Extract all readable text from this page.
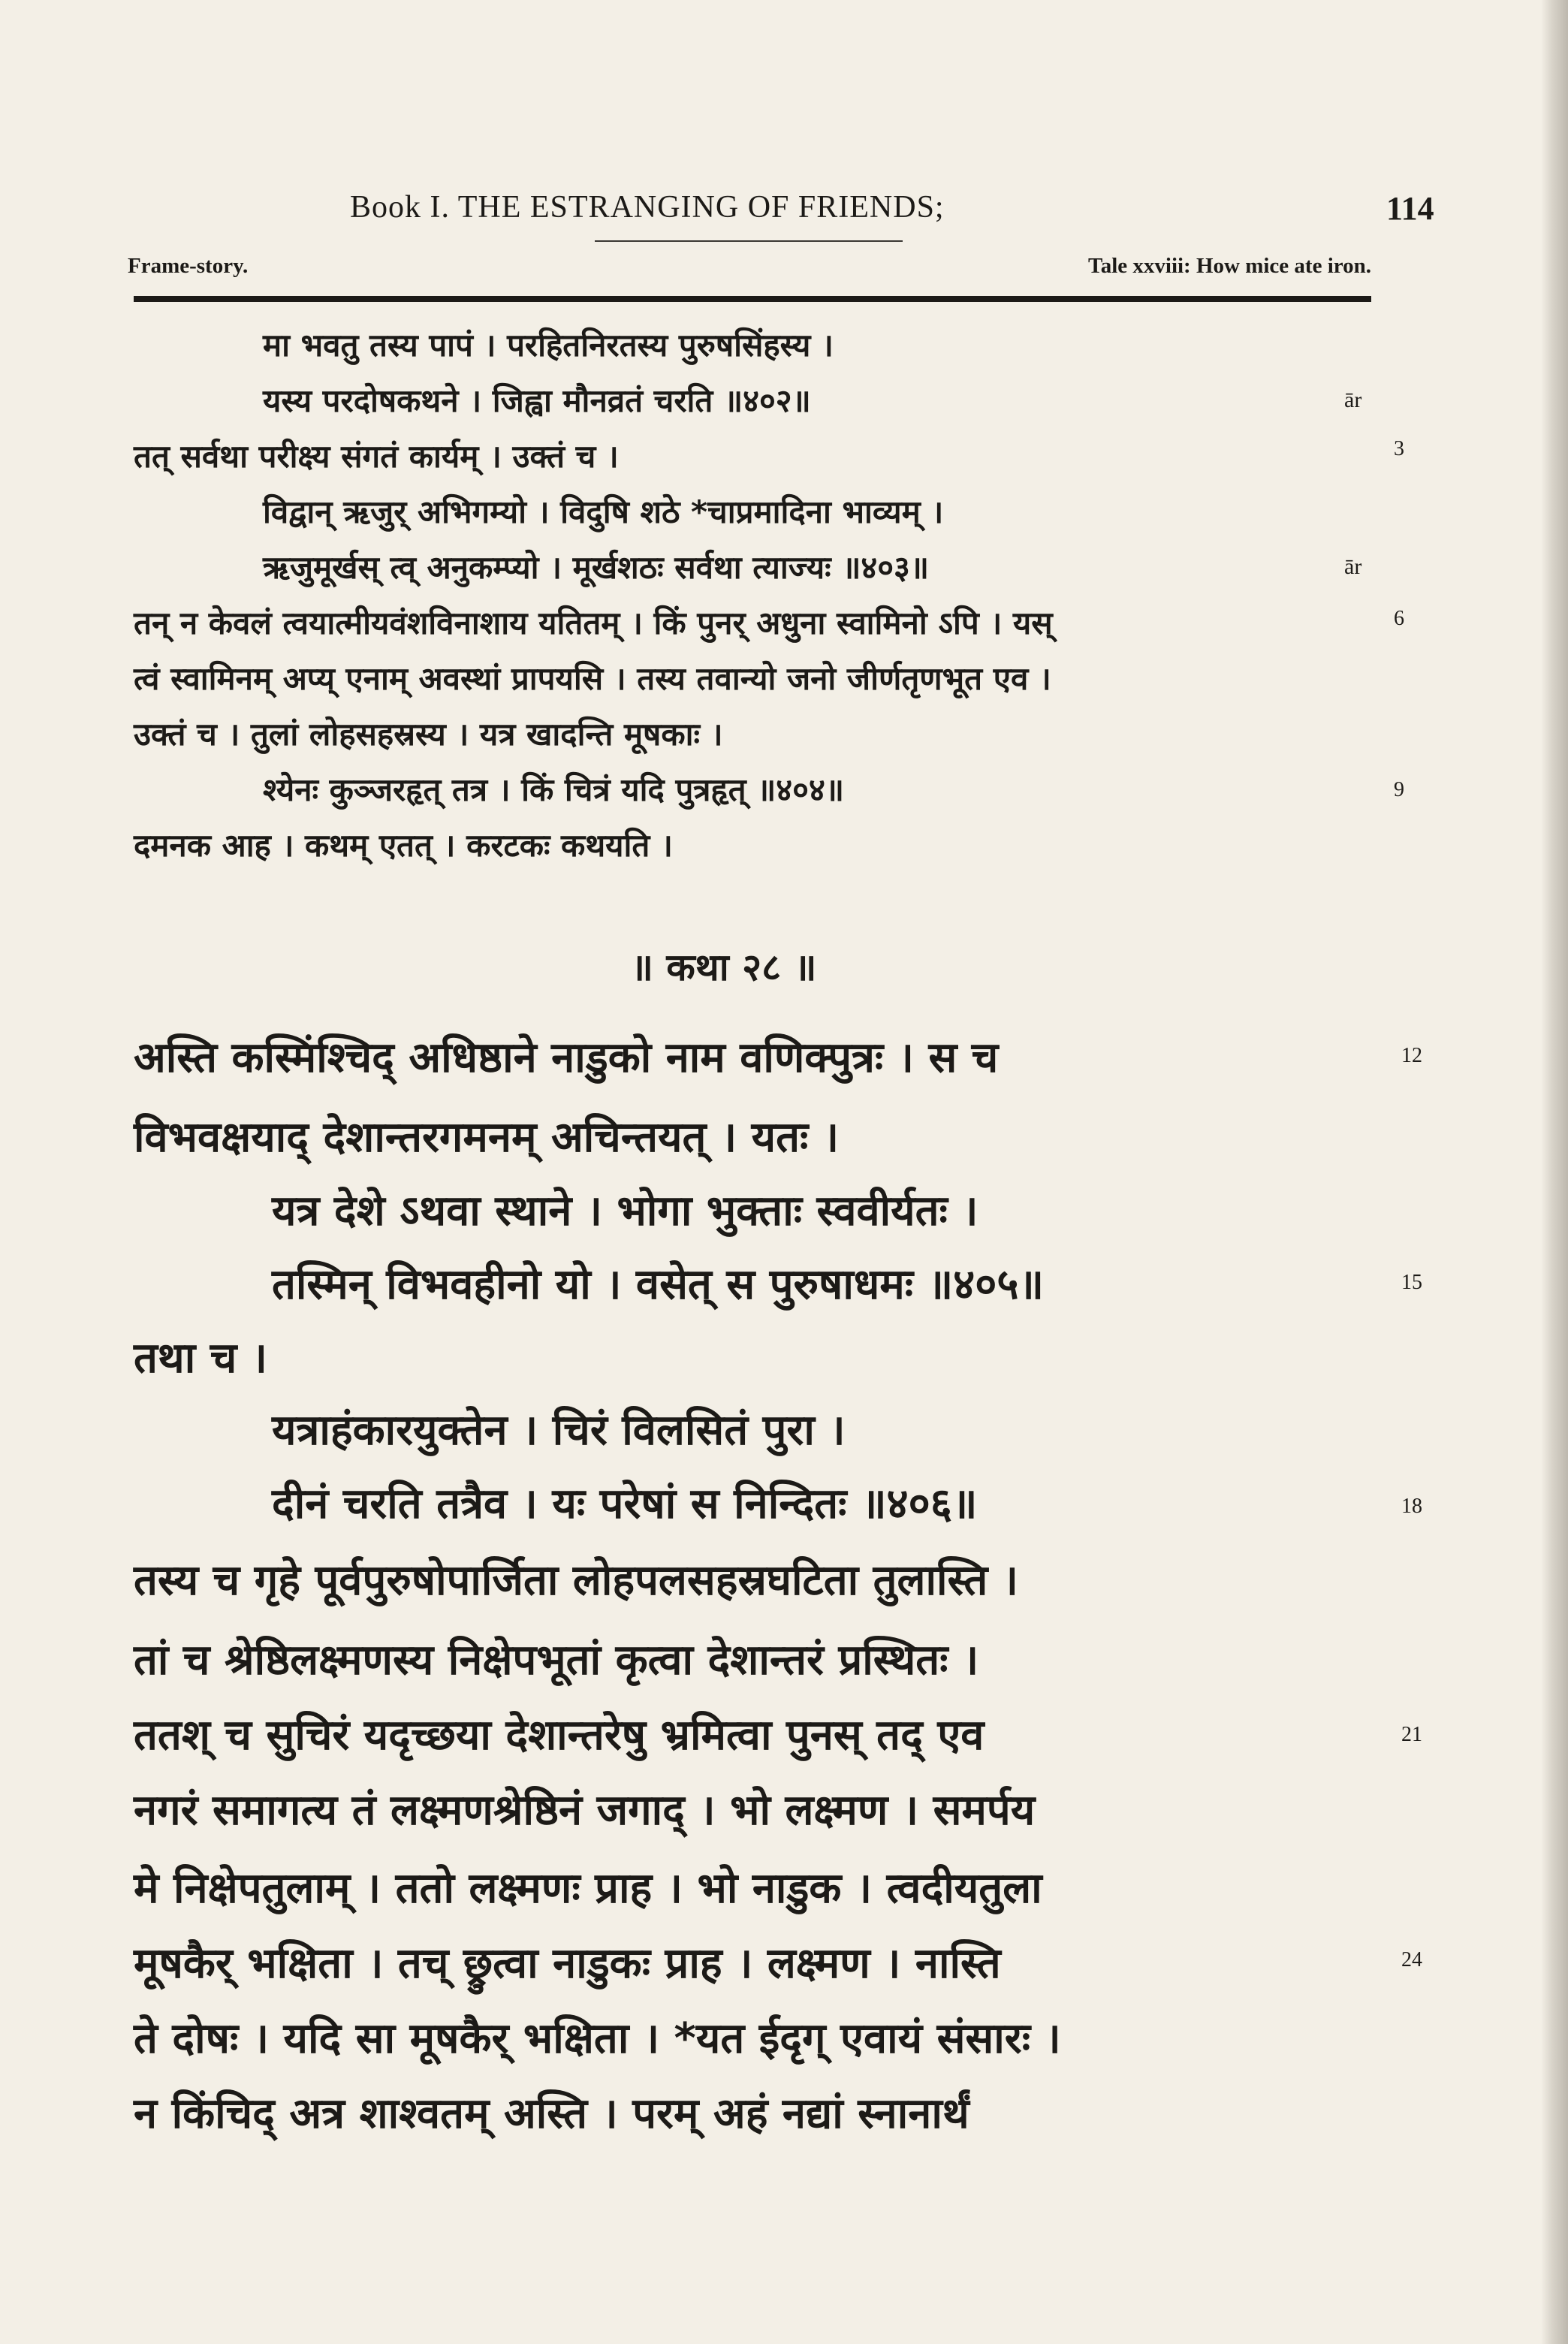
Book I. THE ESTRANGING OF FRIENDS;	114
Frame-story.	Tale xxviii: How mice ate iron.
मा भवतु तस्य पापं । परहितनिरतस्य पुरुषसिंहस्य ।
यस्य परदोषकथने । जिह्वा मौनव्रतं चरति ॥४०२॥
तत् सर्वथा परीक्ष्य संगतं कार्यम् । उक्तं च ।
विद्वान् ऋजुर् अभिगम्यो । विदुषि शठे *चाप्रमादिना भाव्यम् ।
ऋजुमूर्खस् त्व् अनुकम्प्यो । मूर्खशठः सर्वथा त्याज्यः ॥४०३॥
तन् न केवलं त्वयात्मीयवंशविनाशाय यतितम् । किं पुनर् अधुना स्वामिनो ऽपि । यस्
त्वं स्वामिनम् अप्य् एनाम् अवस्थां प्रापयसि । तस्य तवान्यो जनो जीर्णतृणभूत एव ।
उक्तं च । तुलां लोहसहस्रस्य । यत्र खादन्ति मूषकाः ।
श्येनः कुञ्जरहृत् तत्र । किं चित्रं यदि पुत्रहृत् ॥४०४॥
दमनक आह । कथम् एतत् । करटकः कथयति ।
ār
ār
3
6
9
॥ कथा २८ ॥
अस्ति कस्मिंश्चिद् अधिष्ठाने नाडुको नाम वणिक्पुत्रः । स च
विभवक्षयाद् देशान्तरगमनम् अचिन्तयत् । यतः ।
यत्र देशे ऽथवा स्थाने । भोगा भुक्ताः स्ववीर्यतः ।
तस्मिन् विभवहीनो यो । वसेत् स पुरुषाधमः ॥४०५॥
तथा च ।
यत्राहंकारयुक्तेन । चिरं विलसितं पुरा ।
दीनं चरति तत्रैव । यः परेषां स निन्दितः ॥४०६॥
तस्य च गृहे पूर्वपुरुषोपार्जिता लोहपलसहस्रघटिता तुलास्ति ।
तां च श्रेष्ठिलक्ष्मणस्य निक्षेपभूतां कृत्वा देशान्तरं प्रस्थितः ।
ततश् च सुचिरं यदृच्छया देशान्तरेषु भ्रमित्वा पुनस् तद् एव
नगरं समागत्य तं लक्ष्मणश्रेष्ठिनं जगाद् । भो लक्ष्मण । समर्पय
मे निक्षेपतुलाम् । ततो लक्ष्मणः प्राह । भो नाडुक । त्वदीयतुला
मूषकैर् भक्षिता । तच् छ्रुत्वा नाडुकः प्राह । लक्ष्मण । नास्ति
ते दोषः । यदि सा मूषकैर् भक्षिता । *यत ईदृग् एवायं संसारः ।
न किंचिद् अत्र शाश्वतम् अस्ति । परम् अहं नद्यां स्नानार्थं
12
15
18
21
24
